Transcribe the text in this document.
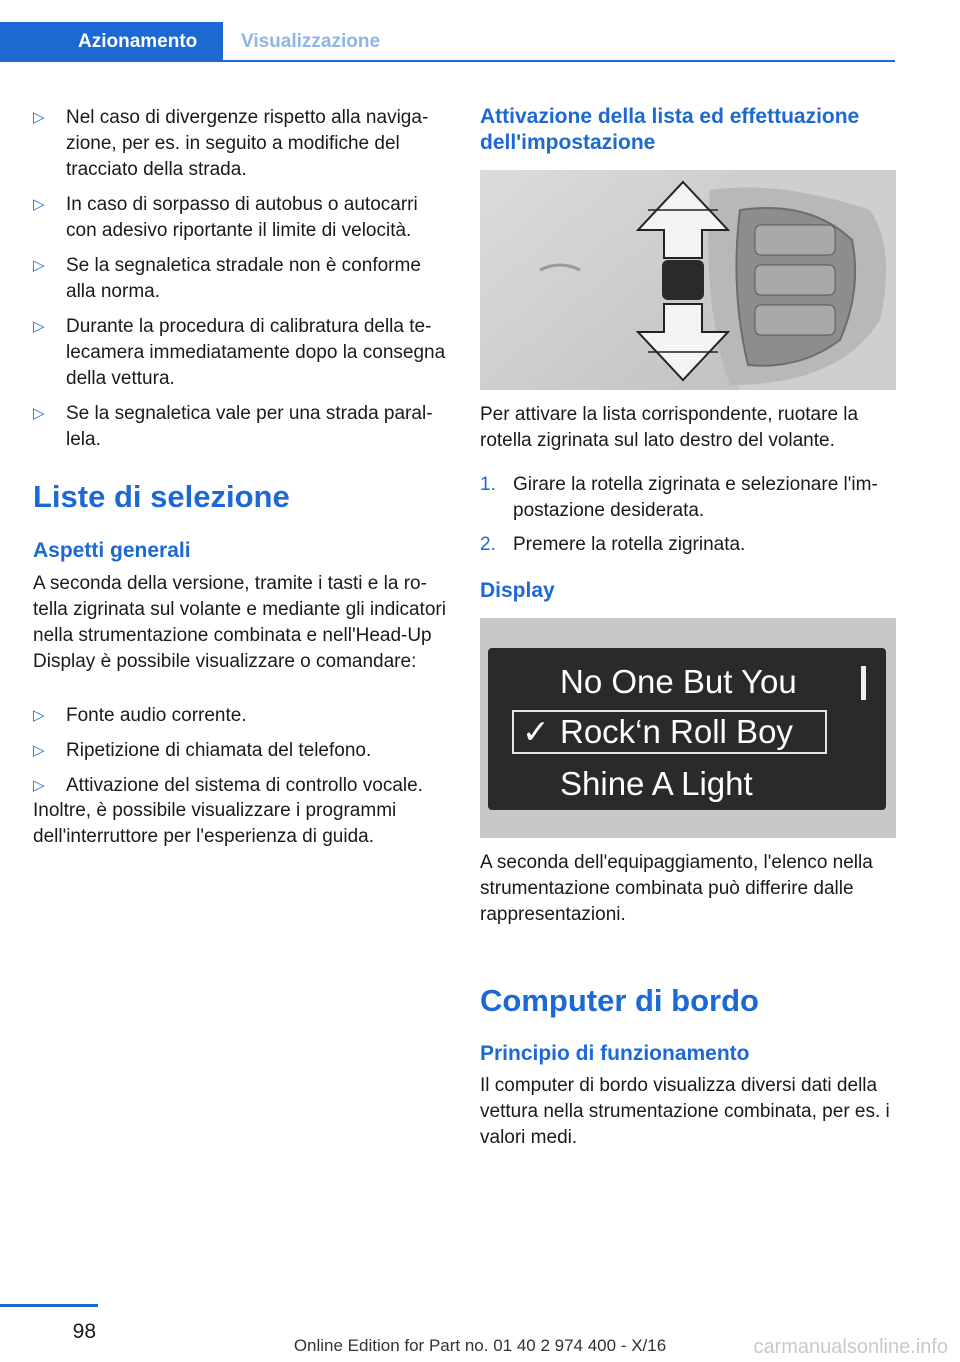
Azionamento	Visualizzazione
▷ Nel caso di divergenze rispetto alla navigazione, per es. in seguito a modifiche del tracciato della strada.
▷ In caso di sorpasso di autobus o autocarri con adesivo riportante il limite di velocità.
▷ Se la segnaletica stradale non è conforme alla norma.
▷ Durante la procedura di calibratura della telecamera immediatamente dopo la consegna della vettura.
▷ Se la segnaletica vale per una strada parallela.
Liste di selezione
Aspetti generali

A seconda della versione, tramite i tasti e la rotella zigrinata sul volante e mediante gli indicatori nella strumentazione combinata e nell'Head-Up Display è possibile visualizzare o comandare:

▷ Fonte audio corrente.
▷ Ripetizione di chiamata del telefono.
▷ Attivazione del sistema di controllo vocale.

Inoltre, è possibile visualizzare i programmi dell'interruttore per l'esperienza di guida.

Attivazione della lista ed effettuazione dell'impostazione

Per attivare la lista corrispondente, ruotare la rotella zigrinata sul lato destro del volante.

1. Girare la rotella zigrinata e selezionare l'impostazione desiderata.
2. Premere la rotella zigrinata.
Display
No One But You
✓ Rock‘n Roll Boy
Shine A Light

A seconda dell'equipaggiamento, l'elenco nella strumentazione combinata può differire dalle rappresentazioni.

Computer di bordo
Principio di funzionamento

Il computer di bordo visualizza diversi dati della vettura nella strumentazione combinata, per es. i valori medi.

98
Online Edition for Part no. 01 40 2 974 400 - X/16	carmanualsonline.info
